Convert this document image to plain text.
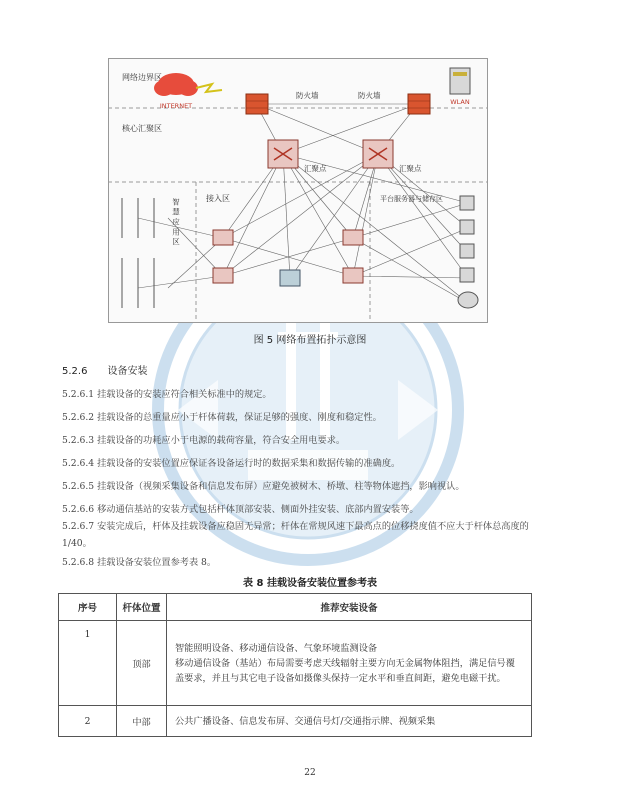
网络边界区
核心汇聚区
接入区	平台服务器与储存区
智 慧 应 用 区
INTERNET
防火墙	防火墙
WLAN
汇聚点	汇聚点
图 5 网络布置拓扑示意图
5.2.6 设备安装
5.2.6.1 挂载设备的安装应符合相关标准中的规定。
5.2.6.2 挂载设备的总重量应小于杆体荷载，保证足够的强度、刚度和稳定性。
5.2.6.3 挂载设备的功耗应小于电源的载荷容量，符合安全用电要求。
5.2.6.4 挂载设备的安装位置应保证各设备运行时的数据采集和数据传输的准确度。
5.2.6.5 挂载设备（视频采集设备和信息发布屏）应避免被树木、桥墩、柱等物体遮挡，影响视认。
5.2.6.6 移动通信基站的安装方式包括杆体顶部安装、侧面外挂安装、底部内置安装等。
5.2.6.7 安装完成后，杆体及挂载设备应稳固无异常；杆体在常规风速下最高点的位移挠度值不应大于杆体总高度的 1/40。
5.2.6.8 挂载设备安装位置参考表 8。
表 8 挂载设备安装位置参考表
序号	杆体位置	推荐安装设备
1	顶部	智能照明设备、移动通信设备、气象环境监测设备
移动通信设备（基站）布局需要考虑天线辐射主要方向无金属物体阻挡，满足信号覆盖要求，并且与其它电子设备如摄像头保持一定水平和垂直间距，避免电磁干扰。

2	中部	公共广播设备、信息发布屏、交通信号灯/交通指示牌、视频采集
22
